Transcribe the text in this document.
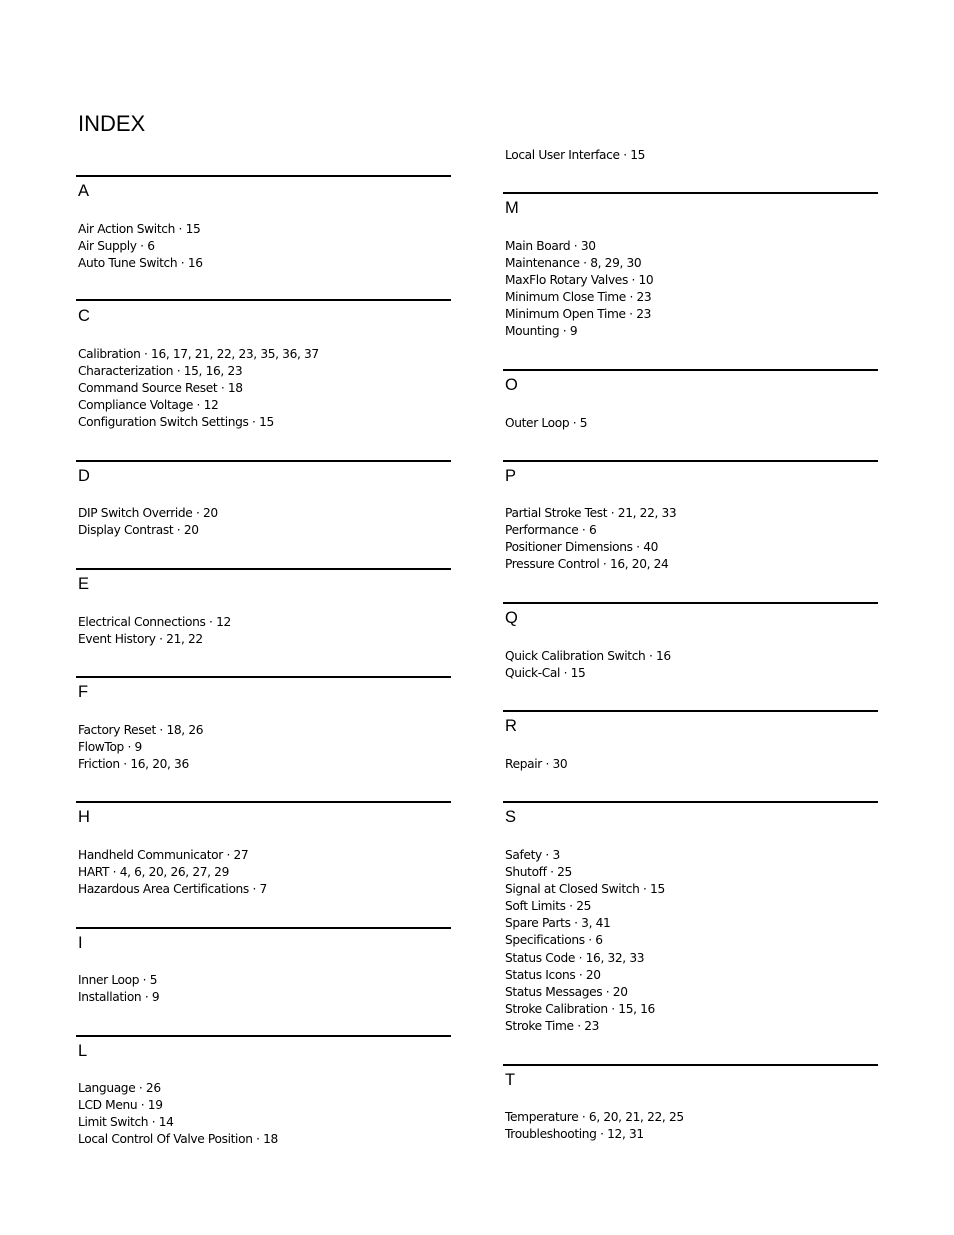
INDEX
A
Air Action Switch · 15
Air Supply · 6
Auto Tune Switch · 16
C
Calibration · 16, 17, 21, 22, 23, 35, 36, 37
Characterization · 15, 16, 23
Command Source Reset · 18
Compliance Voltage · 12
Configuration Switch Settings · 15
D
DIP Switch Override · 20
Display Contrast · 20
E
Electrical Connections · 12
Event History · 21, 22
F
Factory Reset · 18, 26
FlowTop · 9
Friction · 16, 20, 36
H
Handheld Communicator · 27
HART · 4, 6, 20, 26, 27, 29
Hazardous Area Certifications · 7
I
Inner Loop · 5
Installation · 9
L
Language · 26
LCD Menu · 19
Limit Switch · 14
Local Control Of Valve Position · 18
Local User Interface · 15
M
Main Board · 30
Maintenance · 8, 29, 30
MaxFlo Rotary Valves · 10
Minimum Close Time · 23
Minimum Open Time · 23
Mounting · 9
O
Outer Loop · 5
P
Partial Stroke Test · 21, 22, 33
Performance · 6
Positioner Dimensions · 40
Pressure Control · 16, 20, 24
Q
Quick Calibration Switch · 16
Quick-Cal · 15
R
Repair · 30
S
Safety · 3
Shutoff · 25
Signal at Closed Switch · 15
Soft Limits · 25
Spare Parts · 3, 41
Specifications · 6
Status Code · 16, 32, 33
Status Icons · 20
Status Messages · 20
Stroke Calibration · 15, 16
Stroke Time · 23
T
Temperature · 6, 20, 21, 22, 25
Troubleshooting · 12, 31
